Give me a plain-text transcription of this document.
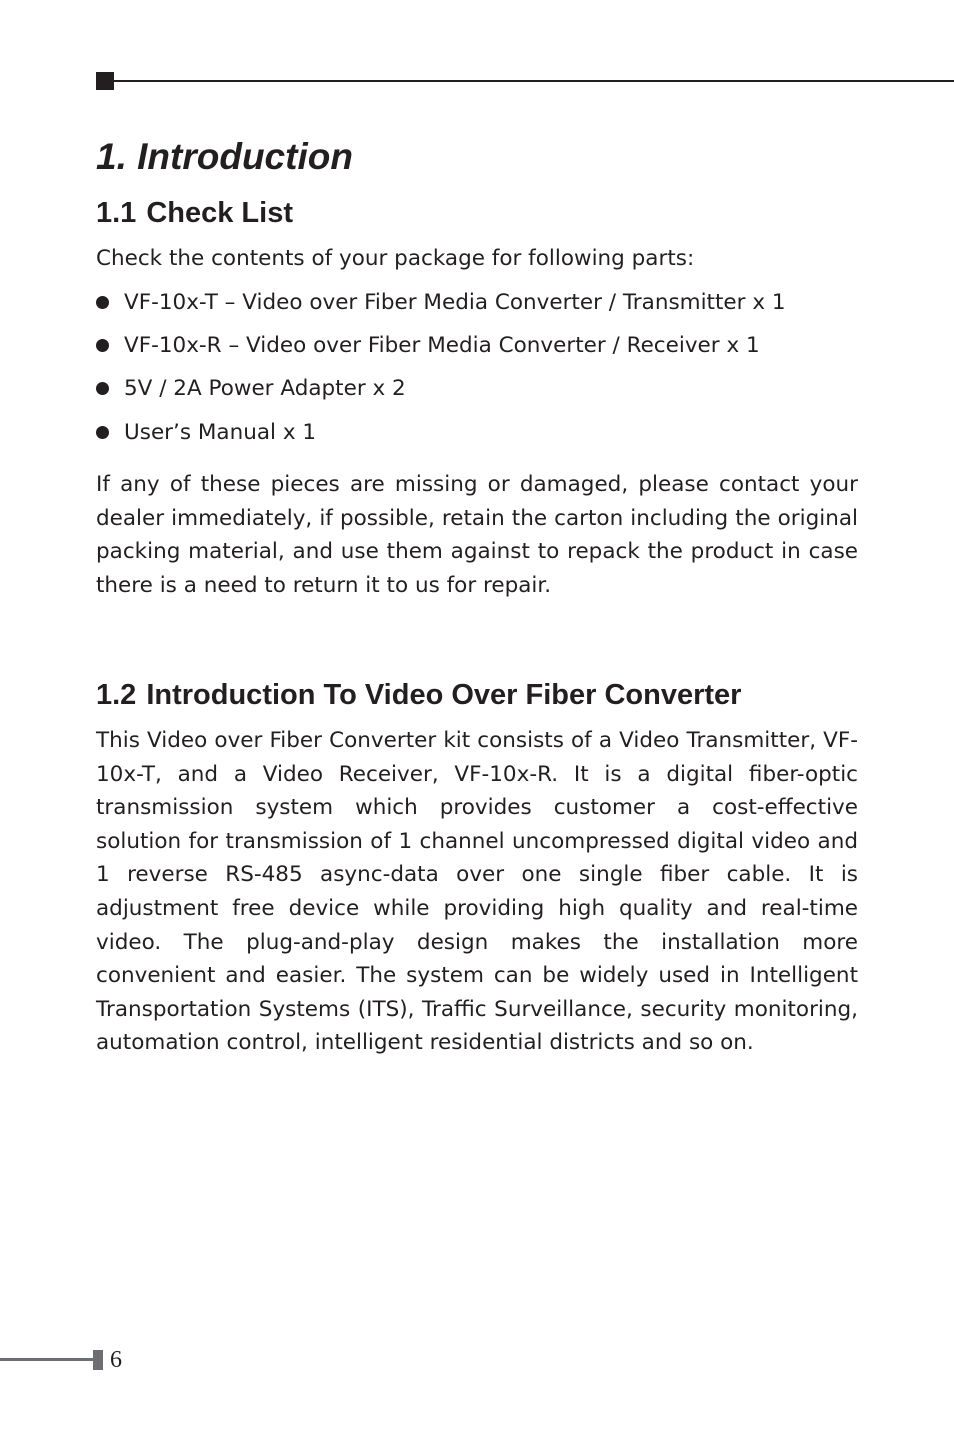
1. Introduction
1.1 Check List

Check the contents of your package for following parts:

VF-10x-T – Video over Fiber Media Converter / Transmitter x 1
VF-10x-R – Video over Fiber Media Converter / Receiver x 1
5V / 2A Power Adapter x 2
User’s Manual x 1

If any of these pieces are missing or damaged, please contact your dealer immediately, if possible, retain the carton including the original packing material, and use them against to repack the product in case there is a need to return it to us for repair.

1.2 Introduction To Video Over Fiber Converter

This Video over Fiber Converter kit consists of a Video Transmitter, VF-10x-T, and a Video Receiver, VF-10x-R. It is a digital fiber-optic transmission system which provides customer a cost-effective solution for transmission of 1 channel uncompressed digital video and 1 reverse RS-485 async-data over one single fiber cable. It is adjustment free device while providing high quality and real-time video. The plug-and-play design makes the installation more convenient and easier. The system can be widely used in Intelligent Transportation Systems (ITS), Traffic Surveillance, security monitoring, automation control, intelligent residential districts and so on.

6
